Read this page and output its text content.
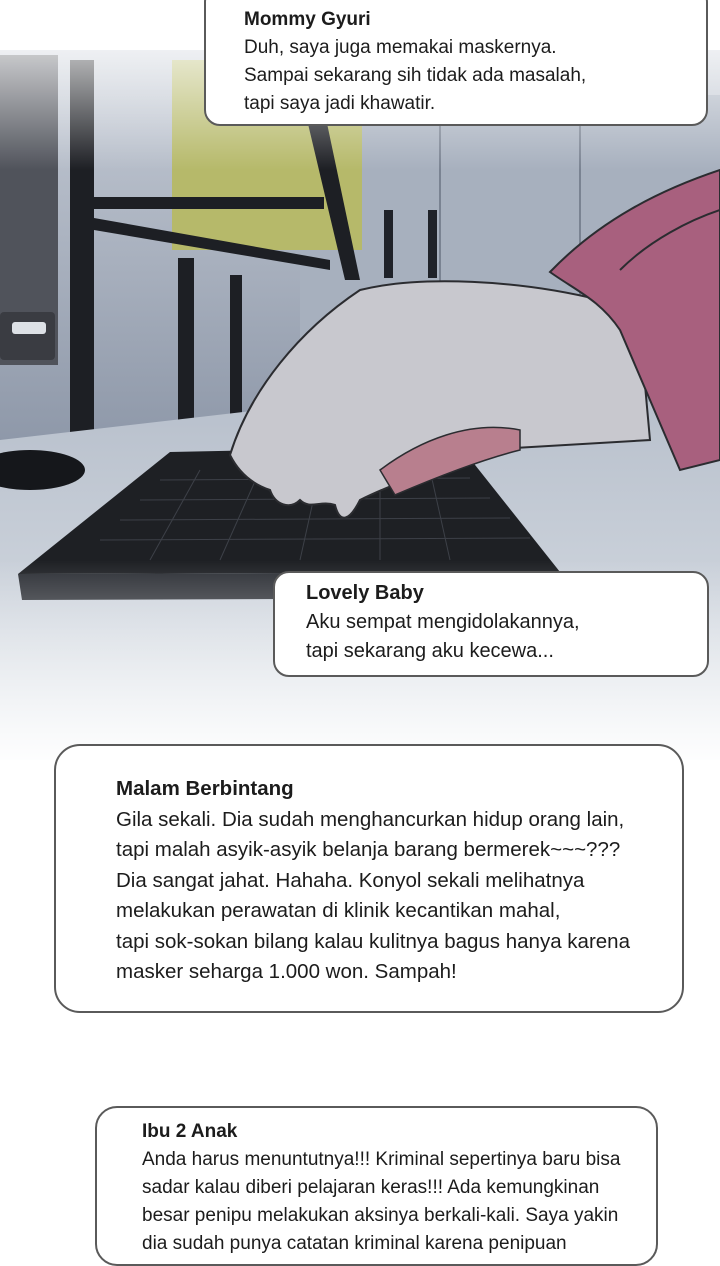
Mommy Gyuri
Duh, saya juga memakai maskernya.
Sampai sekarang sih tidak ada masalah,
tapi saya jadi khawatir.
Lovely Baby
Aku sempat mengidolakannya,
tapi sekarang aku kecewa...
Malam Berbintang
Gila sekali. Dia sudah menghancurkan hidup orang lain,
tapi malah asyik-asyik belanja barang bermerek~~~???
Dia sangat jahat. Hahaha. Konyol sekali melihatnya
melakukan perawatan di klinik kecantikan mahal,
tapi sok-sokan bilang kalau kulitnya bagus hanya karena
masker seharga 1.000 won. Sampah!
Ibu 2 Anak
Anda harus menuntutnya!!! Kriminal sepertinya baru bisa
sadar kalau diberi pelajaran keras!!! Ada kemungkinan
besar penipu melakukan aksinya berkali-kali. Saya yakin
dia sudah punya catatan kriminal karena penipuan
